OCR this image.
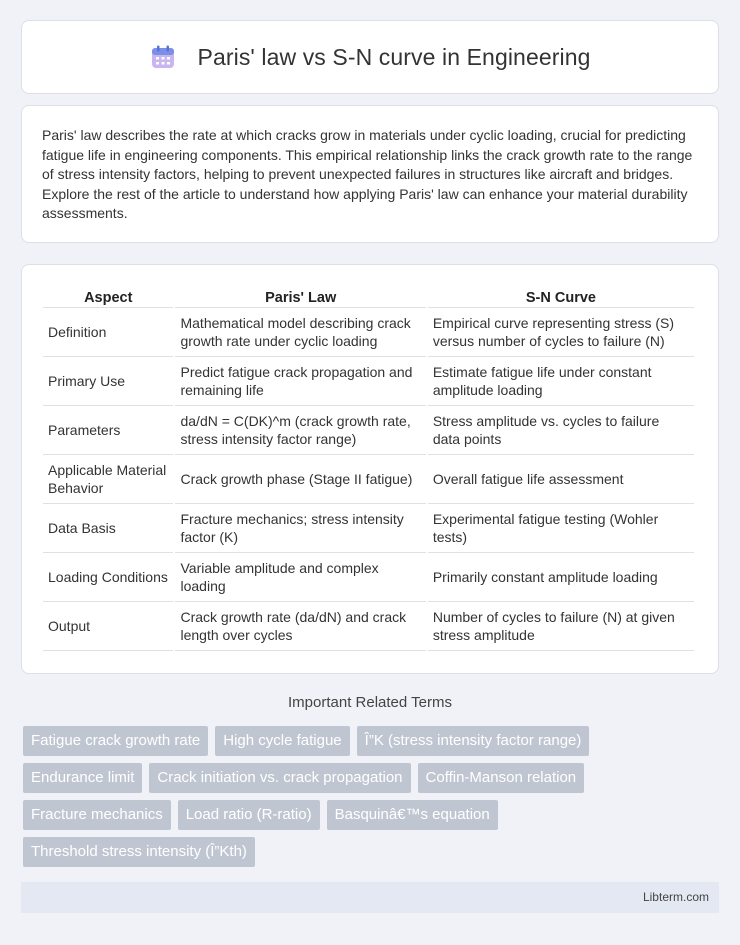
Paris' law vs S-N curve in Engineering

Paris' law describes the rate at which cracks grow in materials under cyclic loading, crucial for predicting fatigue life in engineering components. This empirical relationship links the crack growth rate to the range of stress intensity factors, helping to prevent unexpected failures in structures like aircraft and bridges. Explore the rest of the article to understand how applying Paris' law can enhance your material durability assessments.

Aspect	Paris' Law	S-N Curve
Definition	Mathematical model describing crack growth rate under cyclic loading	Empirical curve representing stress (S) versus number of cycles to failure (N)
Primary Use	Predict fatigue crack propagation and remaining life	Estimate fatigue life under constant amplitude loading
Parameters	da/dN = C(DK)^m (crack growth rate, stress intensity factor range)	Stress amplitude vs. cycles to failure data points
Applicable Material Behavior	Crack growth phase (Stage II fatigue)	Overall fatigue life assessment
Data Basis	Fracture mechanics; stress intensity factor (K)	Experimental fatigue testing (Wohler tests)
Loading Conditions	Variable amplitude and complex loading	Primarily constant amplitude loading
Output	Crack growth rate (da/dN) and crack length over cycles	Number of cycles to failure (N) at given stress amplitude
Important Related Terms
Fatigue crack growth rate	High cycle fatigue	Î”K (stress intensity factor range)
Endurance limit	Crack initiation vs. crack propagation	Coffin-Manson relation
Fracture mechanics	Load ratio (R-ratio)	Basquinâ€™s equation
Threshold stress intensity (Î”Kth)
Libterm.com
